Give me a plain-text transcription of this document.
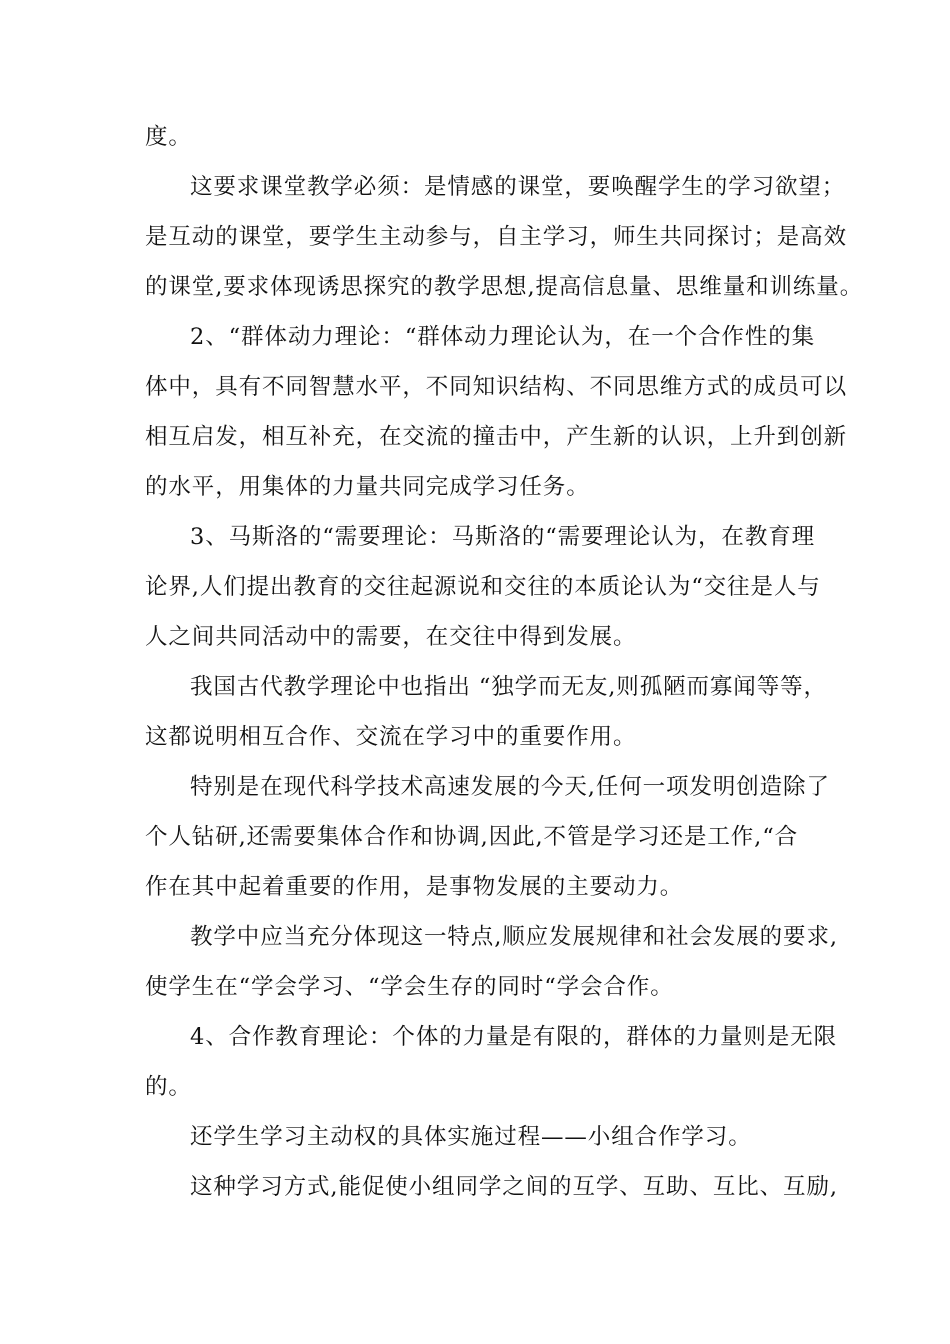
度。
这要求课堂教学必须：是情感的课堂，要唤醒学生的学习欲望；
是互动的课堂，要学生主动参与，自主学习，师生共同探讨；是高效
的课堂,要求体现诱思探究的教学思想,提高信息量、思维量和训练量。
2、“群体动力理论：“群体动力理论认为，在一个合作性的集
体中，具有不同智慧水平，不同知识结构、不同思维方式的成员可以
相互启发，相互补充，在交流的撞击中，产生新的认识，上升到创新
的水平，用集体的力量共同完成学习任务。
3、马斯洛的“需要理论：马斯洛的“需要理论认为，在教育理
论界,人们提出教育的交往起源说和交往的本质论认为“交往是人与
人之间共同活动中的需要，在交往中得到发展。
我国古代教学理论中也指出 “独学而无友,则孤陋而寡闻等等，
这都说明相互合作、交流在学习中的重要作用。
特别是在现代科学技术高速发展的今天,任何一项发明创造除了
个人钻研,还需要集体合作和协调,因此,不管是学习还是工作,“合
作在其中起着重要的作用，是事物发展的主要动力。
教学中应当充分体现这一特点,顺应发展规律和社会发展的要求,
使学生在“学会学习、“学会生存的同时“学会合作。
4、合作教育理论：个体的力量是有限的，群体的力量则是无限
的。
还学生学习主动权的具体实施过程——小组合作学习。
这种学习方式,能促使小组同学之间的互学、互助、互比、互励,
